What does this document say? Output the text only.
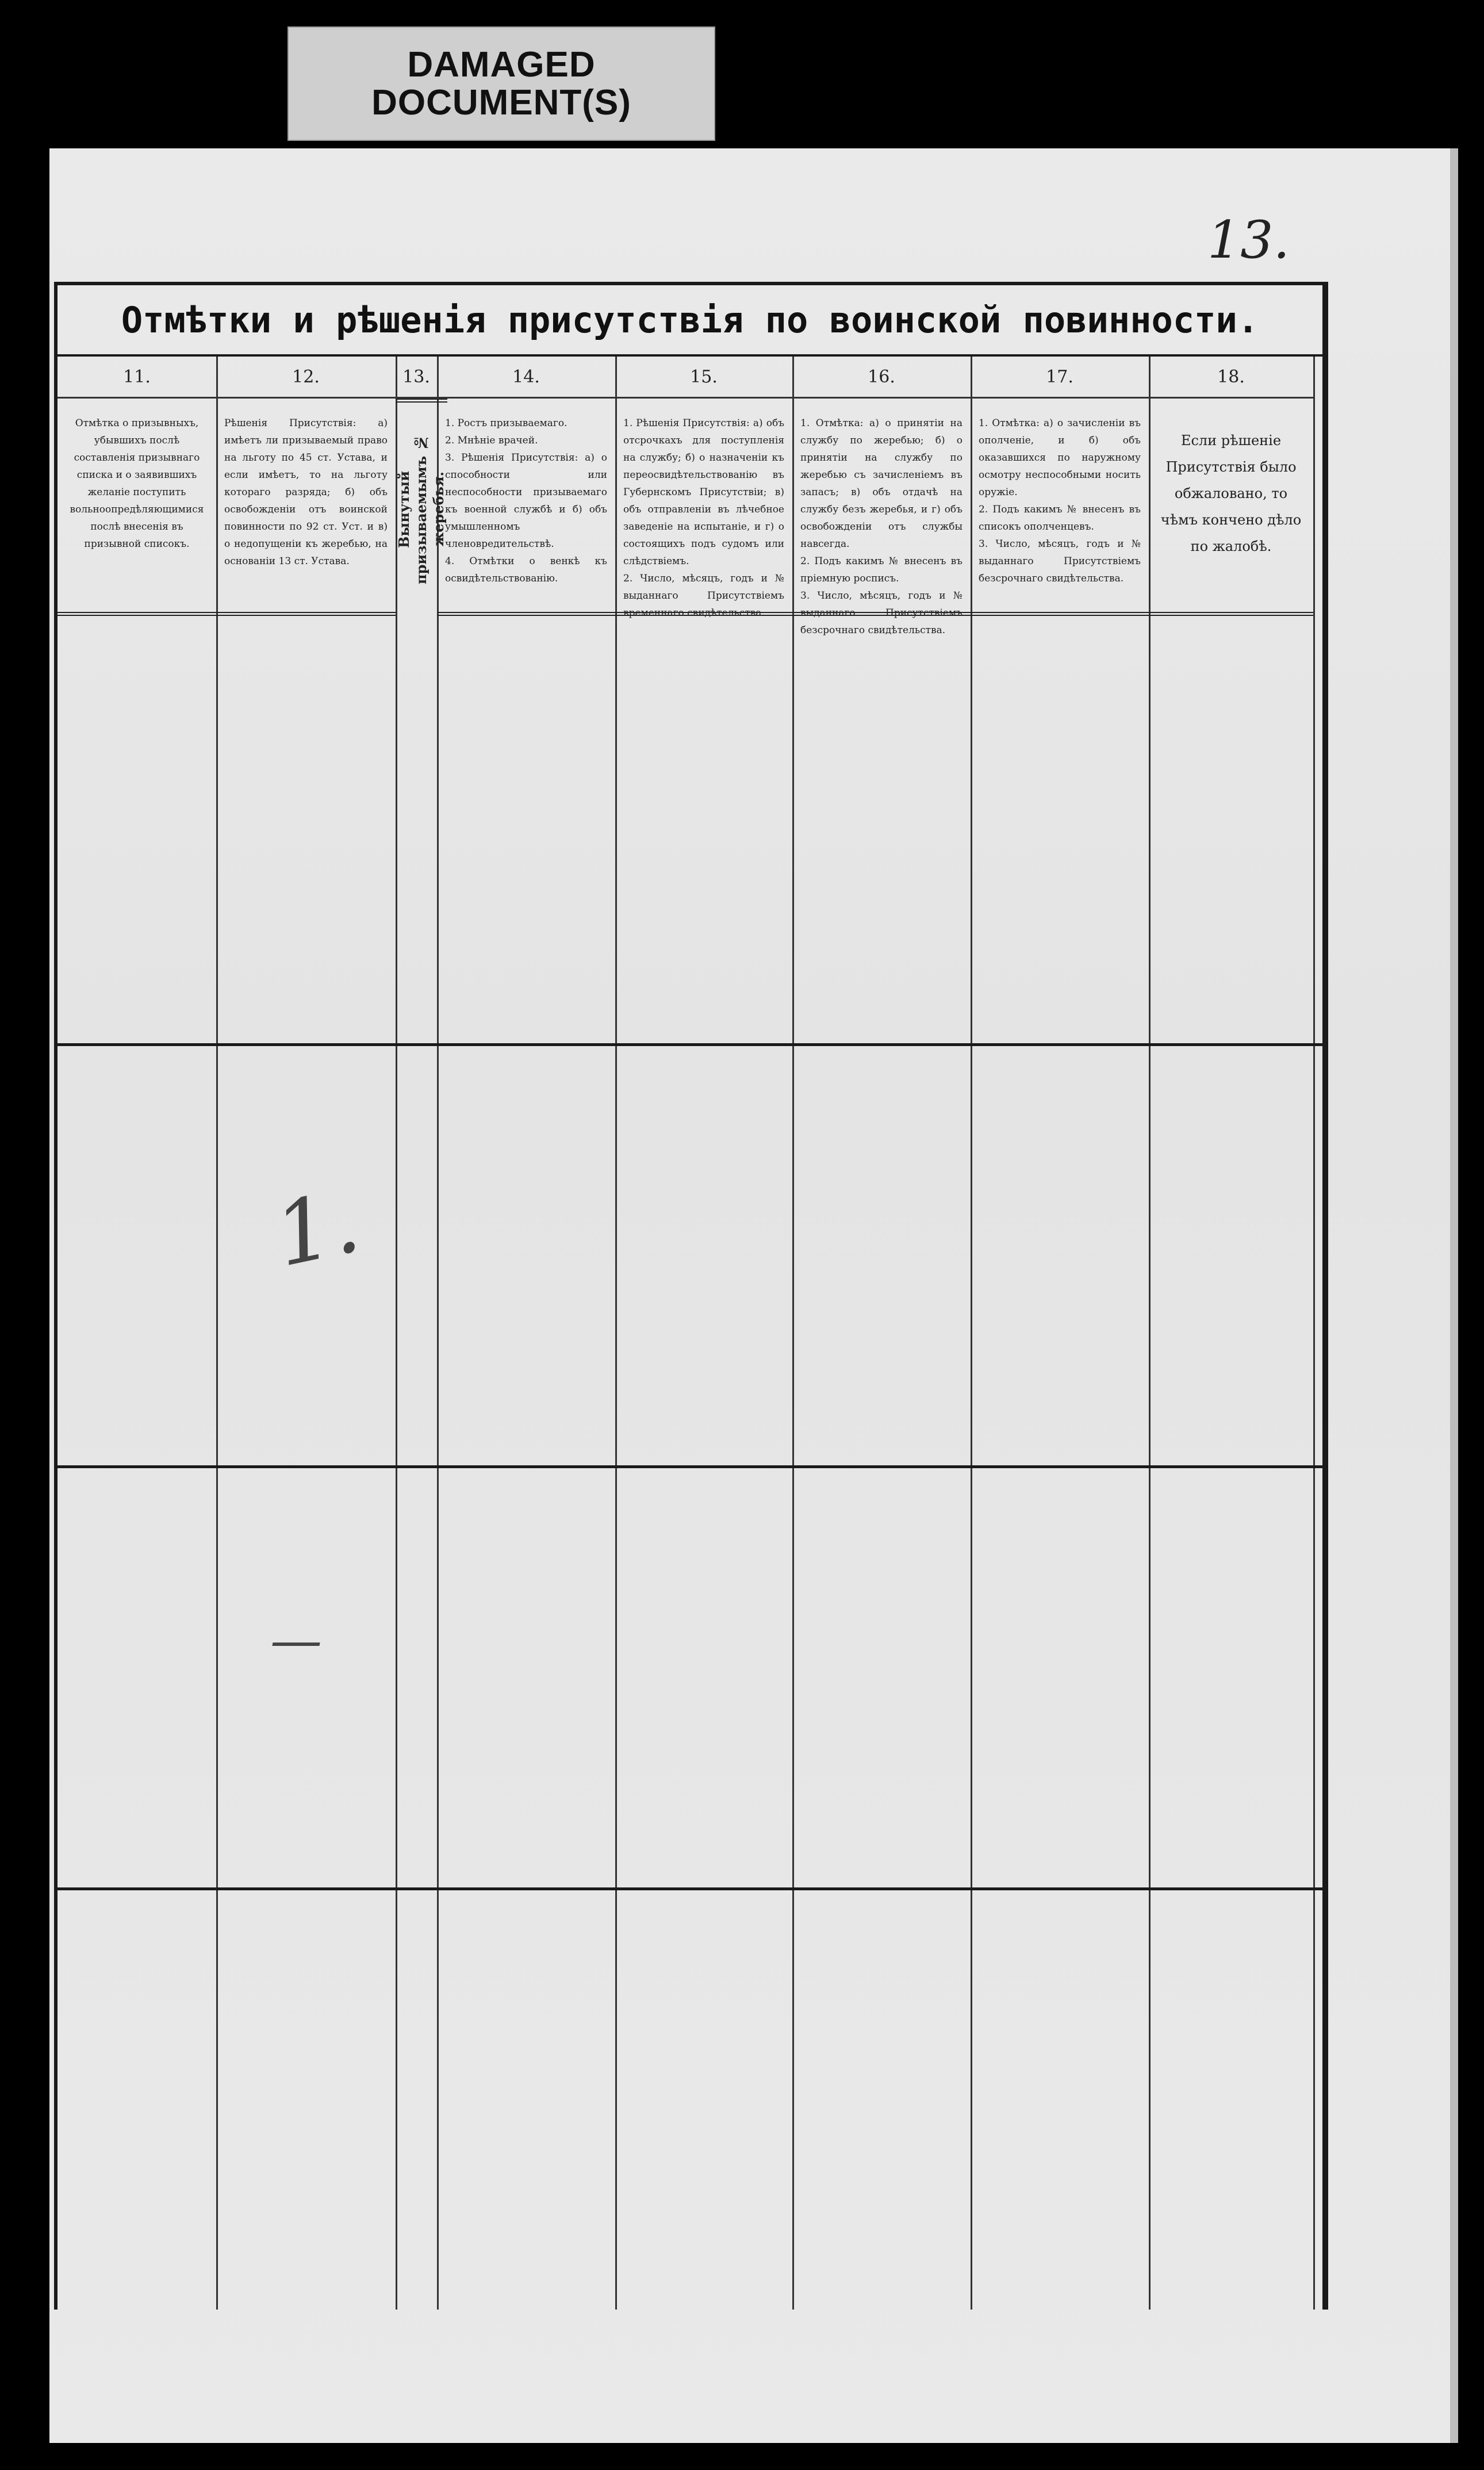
DAMAGED
DOCUMENT(S)
13.
Отмѣтки и рѣшенія присутствія по воинской повинности.
11.
Отмѣтка о призывныхъ, убывшихъ послѣ составленія призывнаго списка и о заявившихъ желаніе поступить вольноопредѣляющимися послѣ внесенія въ призывной списокъ.
12.
Рѣшенія Присутствія: а) имѣетъ ли призываемый право на льготу по 45 ст. Устава, и если имѣетъ, то на льготу котораго разряда; б) объ освобожденіи отъ воинской повинности по 92 ст. Уст. и в) о недопущеніи къ жеребью, на основаніи 13 ст. Устава.
13.
Вынутый призываемымъ № жеребья.
14.
1. Ростъ призываемаго.
2. Мнѣніе врачей.
3. Рѣшенія Присутствія: а) о способности или неспособности призываемаго къ военной службѣ и б) объ умышленномъ членовредительствѣ.
4. Отмѣтки о венкѣ къ освидѣтельствованію.
15.
1. Рѣшенія Присутствія: а) объ отсрочкахъ для поступленія на службу; б) о назначеніи къ переосвидѣтельствованію въ Губернскомъ Присутствіи; в) объ отправленіи въ лѣчебное заведеніе на испытаніе, и г) о состоящихъ подъ судомъ или слѣдствіемъ.
2. Число, мѣсяцъ, годъ и № выданнаго Присутствіемъ временнаго свидѣтельства.
16.
1. Отмѣтка: а) о принятіи на службу по жеребью; б) о принятіи на службу по жеребью съ зачисленіемъ въ запасъ; в) объ отдачѣ на службу безъ жеребья, и г) объ освобожденіи отъ службы навсегда.
2. Подъ какимъ № внесенъ въ пріемную росписъ.
3. Число, мѣсяцъ, годъ и № выданнаго Присутствіемъ безсрочнаго свидѣтельства.
17.
1. Отмѣтка: а) о зачисленіи въ ополченіе, и б) объ оказавшихся по наружному осмотру неспособными носить оружіе.
2. Подъ какимъ № внесенъ въ списокъ ополченцевъ.
3. Число, мѣсяцъ, годъ и № выданнаго Присутствіемъ безсрочнаго свидѣтельства.
18.
Если рѣшеніе Присутствія было обжаловано, то чѣмъ кончено дѣло по жалобѣ.
1.
—
